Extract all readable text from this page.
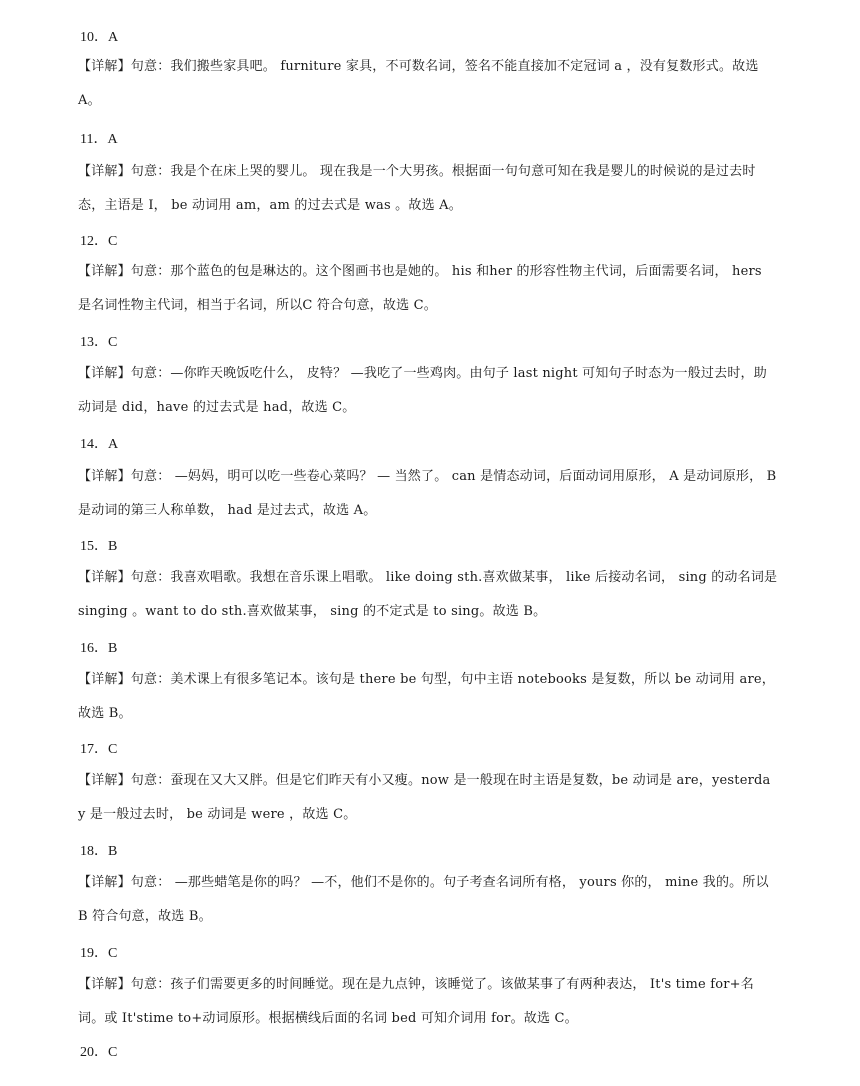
10．A
【详解】句意：我们搬些家具吧。 furniture 家具，不可数名词，签名不能直接加不定冠词 a ，没有复数形式。故选 A。
11．A
【详解】句意：我是个在床上哭的婴儿。 现在我是一个大男孩。根据面一句句意可知在我是婴儿的时候说的是过去时态，主语是 I， be 动词用 am，am 的过去式是 was 。故选 A。
12．C
【详解】句意：那个蓝色的包是琳达的。这个图画书也是她的。 his 和her 的形容性物主代词，后面需要名词， hers 是名词性物主代词，相当于名词，所以C 符合句意，故选 C。
13．C
【详解】句意：—你昨天晚饭吃什么， 皮特？ —我吃了一些鸡肉。由句子 last night 可知句子时态为一般过去时，助动词是 did，have 的过去式是 had，故选 C。
14．A
【详解】句意： —妈妈，明可以吃一些卷心菜吗？ — 当然了。 can 是情态动词，后面动词用原形， A 是动词原形， B 是动词的第三人称单数， had 是过去式，故选 A。
15．B
【详解】句意：我喜欢唱歌。我想在音乐课上唱歌。 like doing sth.喜欢做某事， like 后接动名词， sing 的动名词是 singing 。want to do sth.喜欢做某事， sing 的不定式是 to sing。故选 B。
16．B
【详解】句意：美术课上有很多笔记本。该句是 there be 句型，句中主语 notebooks 是复数，所以 be 动词用 are，故选 B。
17．C
【详解】句意：蚕现在又大又胖。但是它们昨天有小又瘦。now 是一般现在时主语是复数，be 动词是 are，yesterday 是一般过去时， be 动词是 were ，故选 C。
18．B
【详解】句意： —那些蜡笔是你的吗？ —不，他们不是你的。句子考查名词所有格， yours 你的， mine 我的。所以 B 符合句意，故选 B。
19．C
【详解】句意：孩子们需要更多的时间睡觉。现在是九点钟，该睡觉了。该做某事了有两种表达， It's time for+名词。或 It'stime to+动词原形。根据横线后面的名词 bed 可知介词用 for。故选 C。
20．C
